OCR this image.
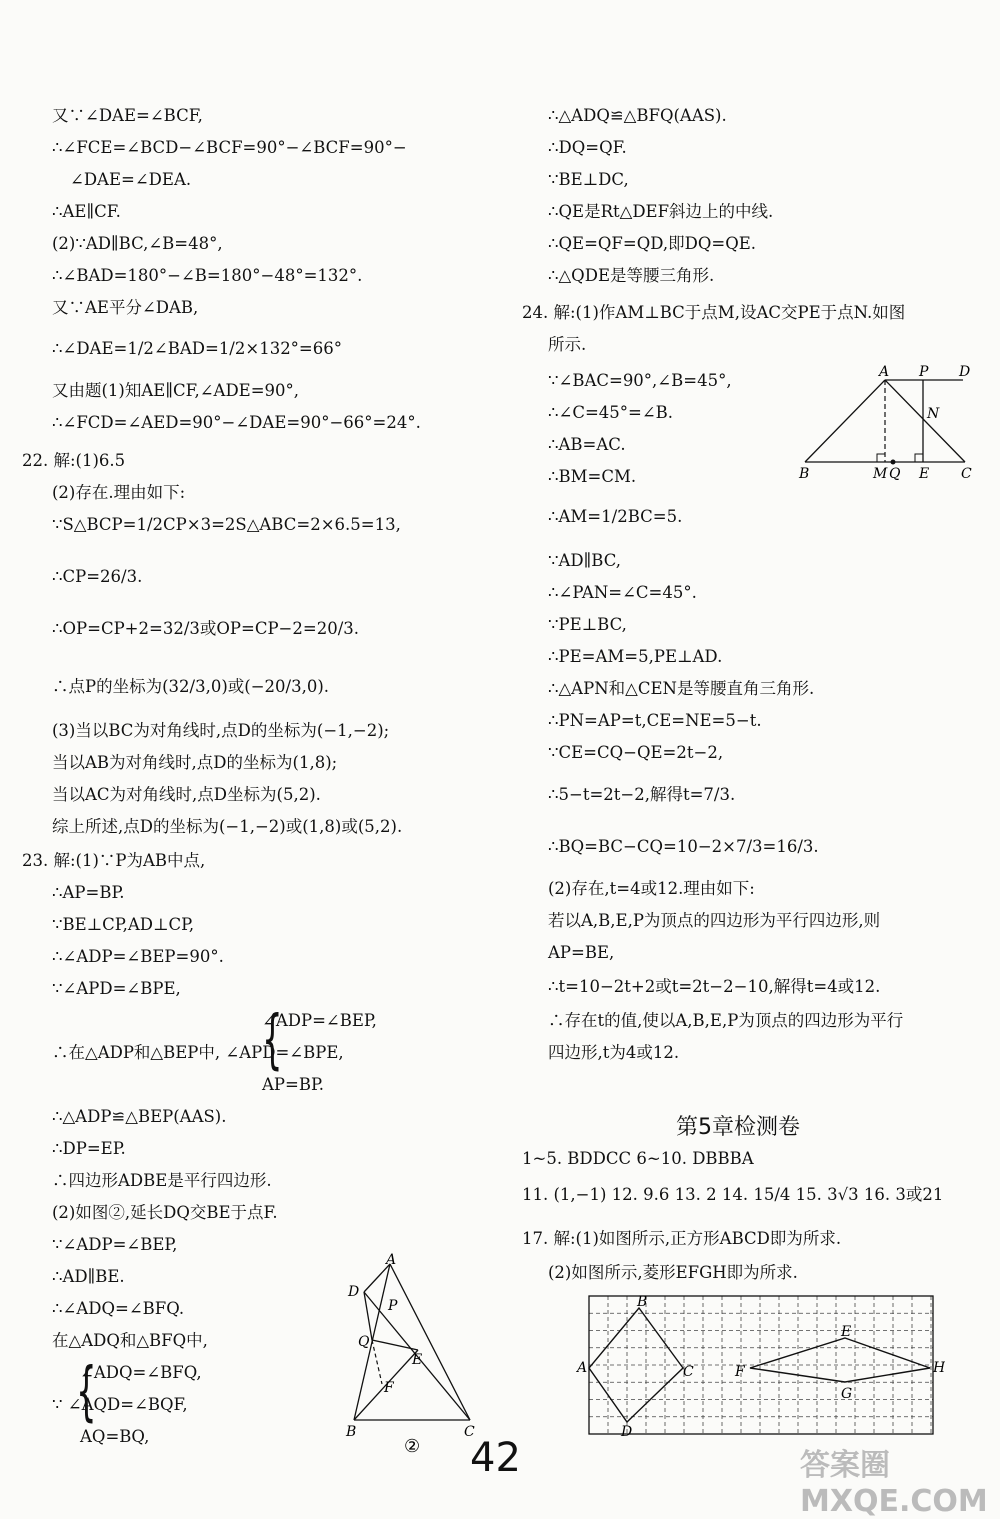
又∵∠DAE=∠BCF,
∴∠FCE=∠BCD−∠BCF=90°−∠BCF=90°−
∠DAE=∠DEA.
∴AE∥CF.
(2)∵AD∥BC,∠B=48°,
∴∠BAD=180°−∠B=180°−48°=132°.
又∵AE平分∠DAB,
∴∠DAE=1/2∠BAD=1/2×132°=66°
又由题(1)知AE∥CF,∠ADE=90°,
∴∠FCD=∠AED=90°−∠DAE=90°−66°=24°.
22. 解:(1)6.5
(2)存在.理由如下:
∵S△BCP=1/2CP×3=2S△ABC=2×6.5=13,
∴CP=26/3.
∴OP=CP+2=32/3或OP=CP−2=20/3.
∴点P的坐标为(32/3,0)或(−20/3,0).
(3)当以BC为对角线时,点D的坐标为(−1,−2);
当以AB为对角线时,点D的坐标为(1,8);
当以AC为对角线时,点D坐标为(5,2).
综上所述,点D的坐标为(−1,−2)或(1,8)或(5,2).
23. 解:(1)∵P为AB中点,
∴AP=BP.
∵BE⊥CP,AD⊥CP,
∴∠ADP=∠BEP=90°.
∵∠APD=∠BPE,
∠ADP=∠BEP,
∴在△ADP和△BEP中, ∠APD=∠BPE,
AP=BP.
∴△ADP≌△BEP(AAS).
∴DP=EP.
∴四边形ADBE是平行四边形.
(2)如图②,延长DQ交BE于点F.
∵∠ADP=∠BEP,
∴AD∥BE.
∴∠ADQ=∠BFQ.
在△ADQ和△BFQ中,
∠ADQ=∠BFQ,
∵ ∠AQD=∠BQF,
AQ=BQ,
∴△ADQ≌△BFQ(AAS).
∴DQ=QF.
∵BE⊥DC,
∴QE是Rt△DEF斜边上的中线.
∴QE=QF=QD,即DQ=QE.
∴△QDE是等腰三角形.
24. 解:(1)作AM⊥BC于点M,设AC交PE于点N.如图
所示.
∵∠BAC=90°,∠B=45°,
∴∠C=45°=∠B.
∴AB=AC.
∴BM=CM.
∴AM=1/2BC=5.
∵AD∥BC,
∴∠PAN=∠C=45°.
∵PE⊥BC,
∴PE=AM=5,PE⊥AD.
∴△APN和△CEN是等腰直角三角形.
∴PN=AP=t,CE=NE=5−t.
∵CE=CQ−QE=2t−2,
∴5−t=2t−2,解得t=7/3.
∴BQ=BC−CQ=10−2×7/3=16/3.
(2)存在,t=4或12.理由如下:
若以A,B,E,P为顶点的四边形为平行四边形,则
AP=BE,
∴t=10−2t+2或t=2t−2−10,解得t=4或12.
∴存在t的值,使以A,B,E,P为顶点的四边形为平行
四边形,t为4或12.
第5章检测卷
1~5. BDDCC 6~10. DBBBA
11. (1,−1) 12. 9.6 13. 2 14. 15/4 15. 3√3 16. 3或21
17. 解:(1)如图所示,正方形ABCD即为所求.
(2)如图所示,菱形EFGH即为所求.
A P D
N
B	M Q E C
A
D
P
Q
E
F
B	C
②
B
A	C
D
E
F	H
G
42	答案圈 MXQE.COM
{
{
